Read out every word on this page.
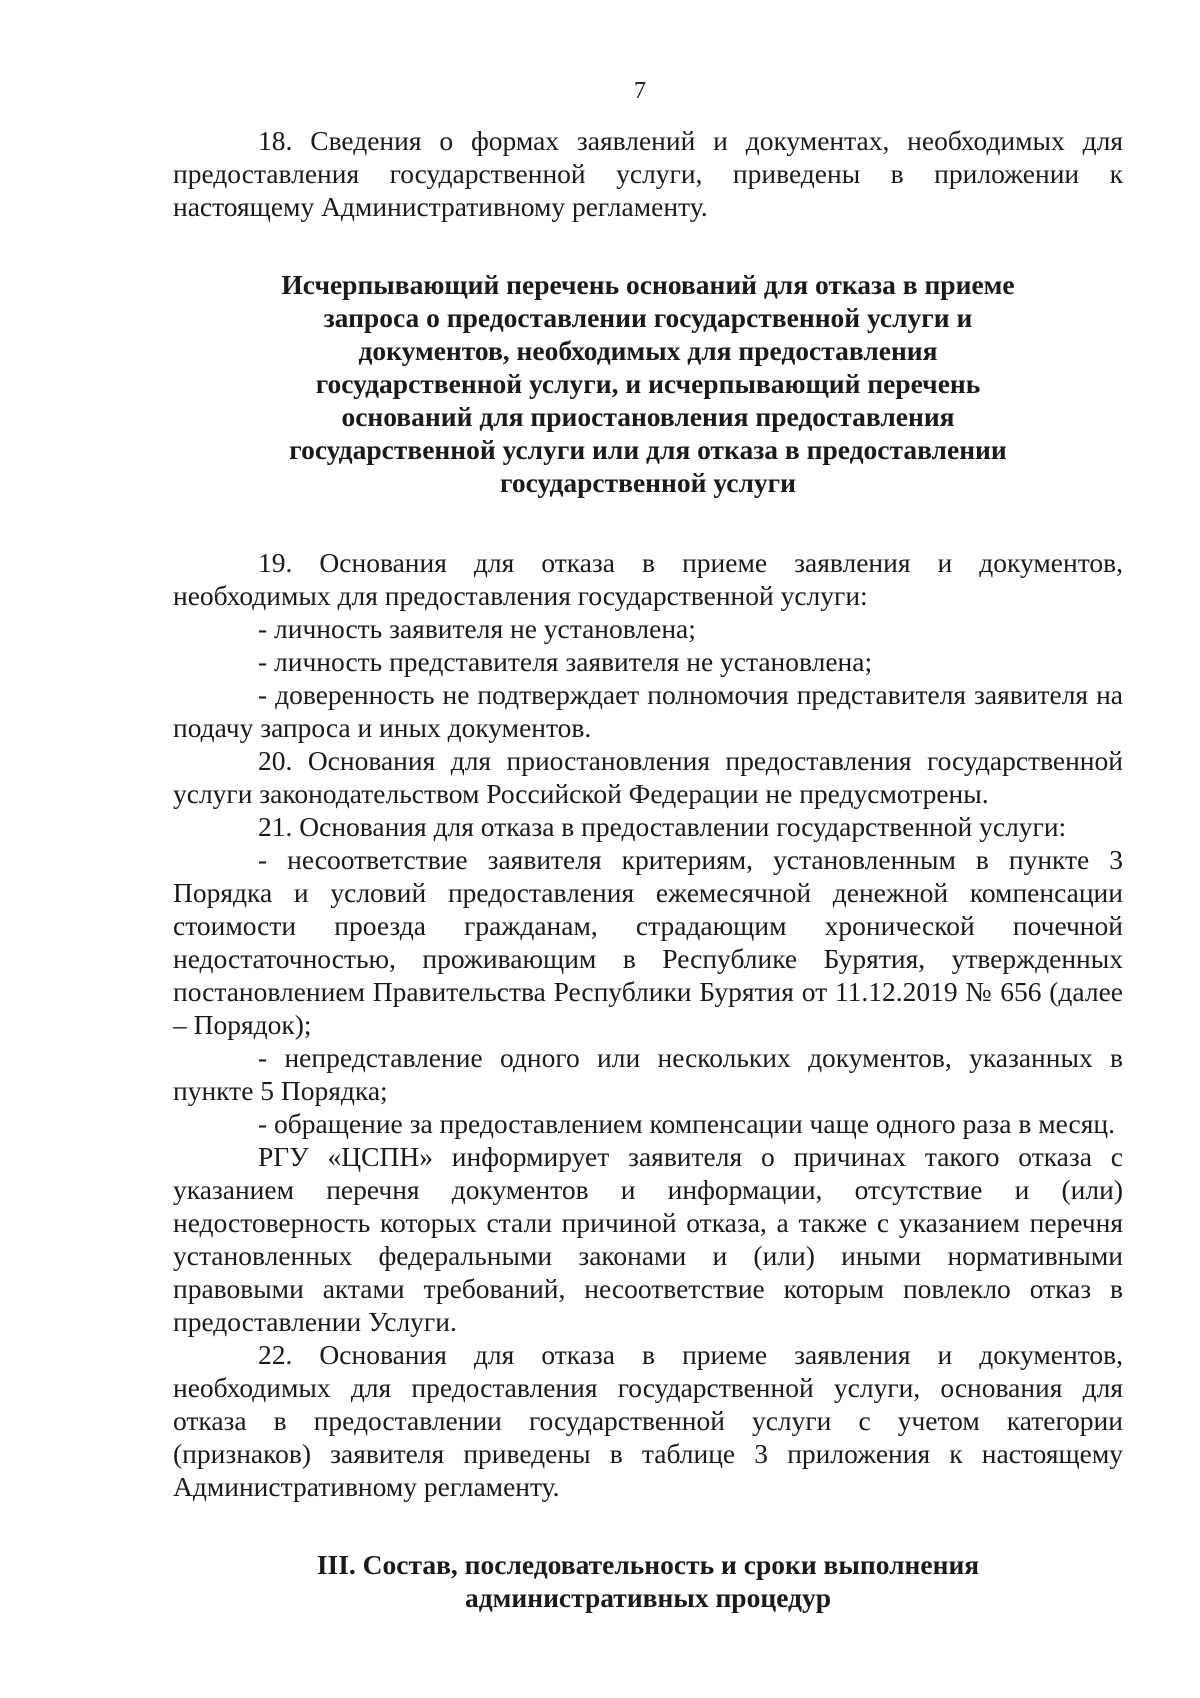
7

18. Сведения о формах заявлений и документах, необходимых для предоставления государственной услуги, приведены в приложении к настоящему Административному регламенту.

Исчерпывающий перечень оснований для отказа в приеме запроса о предоставлении государственной услуги и документов, необходимых для предоставления государственной услуги, и исчерпывающий перечень оснований для приостановления предоставления государственной услуги или для отказа в предоставлении государственной услуги

19. Основания для отказа в приеме заявления и документов, необходимых для предоставления государственной услуги:

- личность заявителя не установлена;

- личность представителя заявителя не установлена;

- доверенность не подтверждает полномочия представителя заявителя на подачу запроса и иных документов.

20. Основания для приостановления предоставления государственной услуги законодательством Российской Федерации не предусмотрены.

21. Основания для отказа в предоставлении государственной услуги:

- несоответствие заявителя критериям, установленным в пункте 3 Порядка и условий предоставления ежемесячной денежной компенсации стоимости проезда гражданам, страдающим хронической почечной недостаточностью, проживающим в Республике Бурятия, утвержденных постановлением Правительства Республики Бурятия от 11.12.2019 № 656 (далее – Порядок);

- непредставление одного или нескольких документов, указанных в пункте 5 Порядка;

- обращение за предоставлением компенсации чаще одного раза в месяц.

РГУ «ЦСПН» информирует заявителя о причинах такого отказа с указанием перечня документов и информации, отсутствие и (или) недостоверность которых стали причиной отказа, а также с указанием перечня установленных федеральными законами и (или) иными нормативными правовыми актами требований, несоответствие которым повлекло отказ в предоставлении Услуги.

22. Основания для отказа в приеме заявления и документов, необходимых для предоставления государственной услуги, основания для отказа в предоставлении государственной услуги с учетом категории (признаков) заявителя приведены в таблице 3 приложения к настоящему Административному регламенту.

III. Состав, последовательность и сроки выполнения
административных процедур
